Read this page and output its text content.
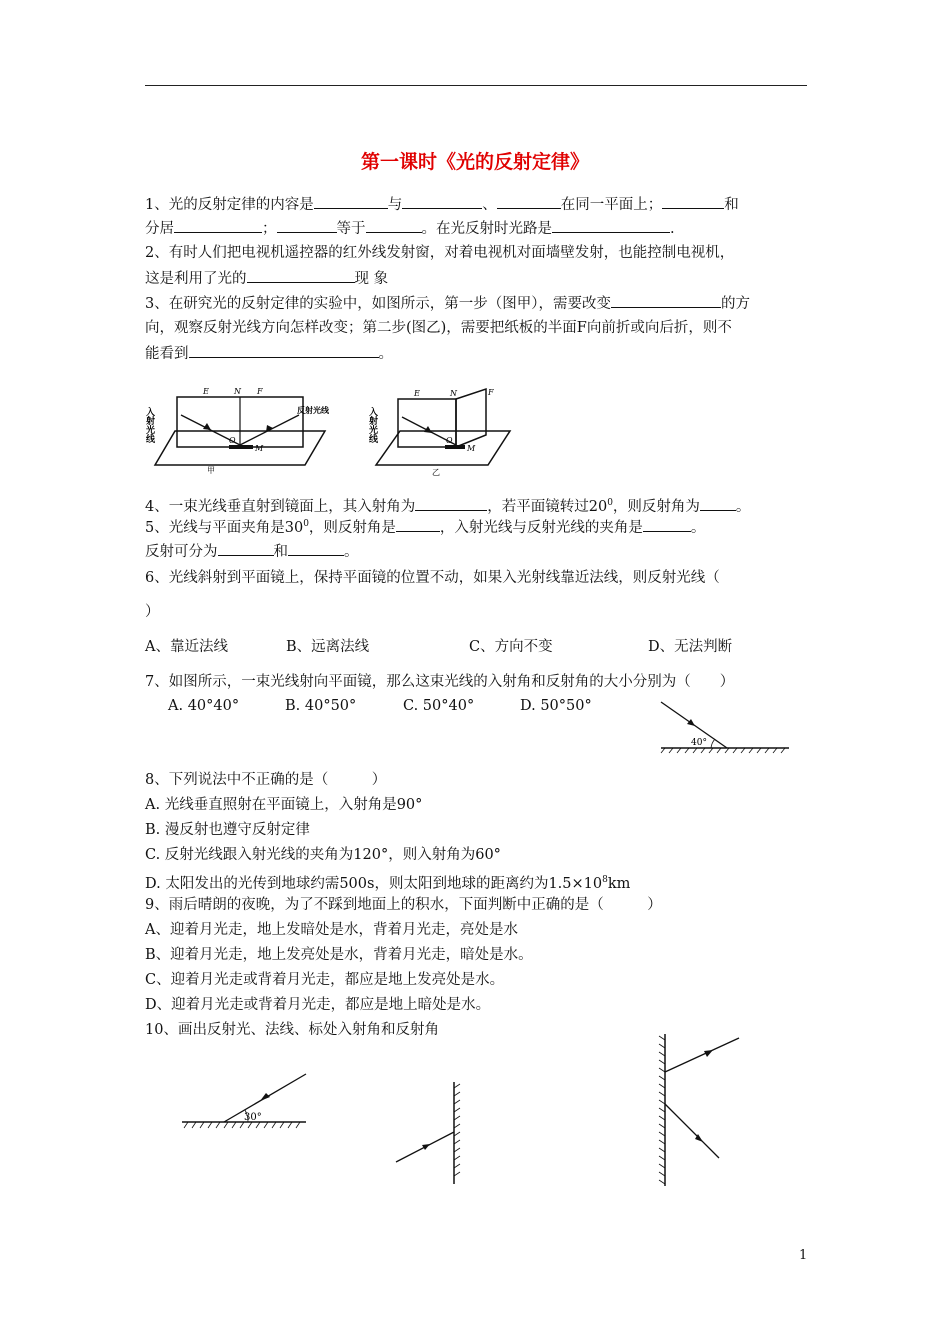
第一课时《光的反射定律》
1、光的反射定律的内容是	与	、	在同一平面上；	和
分居	；	等于	。在光反射时光路是	.
2、有时人们把电视机遥控器的红外线发射窗，对着电视机对面墙壁发射，也能控制电视机，
这是利用了光的	现 象
3、在研究光的反射定律的实验中，如图所示，第一步（图甲），需要改变	的方
向，观察反射光线方向怎样改变；第二步(图乙)，需要把纸板的半面F向前折或向后折，则不
能看到	。
入射光线	反射光线
E	N F
O
M
甲
入射光线
E	N	F
O
M
乙
4、一束光线垂直射到镜面上，其入射角为	，若平面镜转过$20^0$，则反射角为 。
5、光线与平面夹角是$30^0$，则反射角是	，入射光线与反射光线的夹角是	。
反射可分为	和	。
6、光线斜射到平面镜上，保持平面镜的位置不动，如果入光射线靠近法线，则反射光线（
）
A、靠近法线	B、远离法线	C、方向不变	D、无法判断
7、如图所示，一束光线射向平面镜，那么这束光线的入射角和反射角的大小分别为（　　）
A. 40°40°	B. 40°50°	C. 50°40°	D. 50°50°
40°
8、下列说法中不正确的是（　　　）
A. 光线垂直照射在平面镜上，入射角是90°
B. 漫反射也遵守反射定律
C. 反射光线跟入射光线的夹角为120°，则入射角为60°
D. 太阳发出的光传到地球约需500s，则太阳到地球的距离约为$1.5\times 10^8km$
9、雨后晴朗的夜晚，为了不踩到地面上的积水，下面判断中正确的是（　　　）
A、迎着月光走，地上发暗处是水，背着月光走，亮处是水
B、迎着月光走，地上发亮处是水，背着月光走，暗处是水。
C、迎着月光走或背着月光走，都应是地上发亮处是水。
D、迎着月光走或背着月光走，都应是地上暗处是水。
10、画出反射光、法线、标处入射角和反射角
30°
1
